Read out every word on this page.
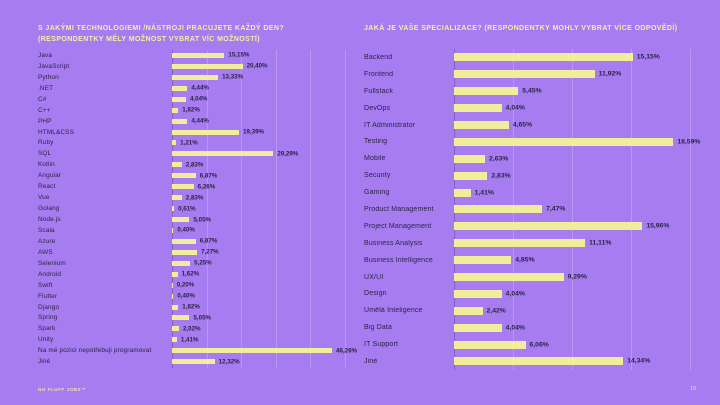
S JAKÝMI TECHNOLOGIEMI /NÁSTROJI PRACUJETE KAŽDÝ DEN?
(RESPONDENTKY MĚLY MOŽNOST VYBRAT VÍC MOŽNOSTÍ)
Java	15,15%
JavaScript	20,40%
Python	13,33%
.NET	4,44%
C#	4,04%
C++	1,82%
PHP	4,44%
HTML&CSS	19,39%
Ruby	1,21%
SQL	29,29%
Kotlin	2,83%
Angular	6,87%
React	6,26%
Vue	2,83%
Golang	0,61%
Node.js	5,05%
Scala	0,40%
Azure	6,87%
AWS	7,27%
Selenium	5,25%
Android	1,62%
Swift	0,20%
Flutter	0,40%
Django	1,82%
Spring	5,05%
Spark	2,02%
Unity	1,41%
Na mé pozici nepotřebuji programovat	46,26%
Jiné	12,32%
JAKÁ JE VAŠE SPECIALIZACE? (RESPONDENTKY MOHLY VYBRAT VÍCE ODPOVĚDÍ)
Backend	15,15%
Frontend	11,92%
Fullstack	5,45%
DevOps	4,04%
IT Administrator	4,65%
Testing	18,59%
Mobile	2,63%
Security	2,83%
Gaming	1,41%
Product Management	7,47%
Project Management	15,96%
Business Analysis	11,11%
Business Intelligence	4,85%
UX/UI	9,29%
Design	4,04%
Umělá Inteligence	2,42%
Big Data	4,04%
IT Support	6,06%
Jiné	14,34%
NO FLUFF JOBS™	19
